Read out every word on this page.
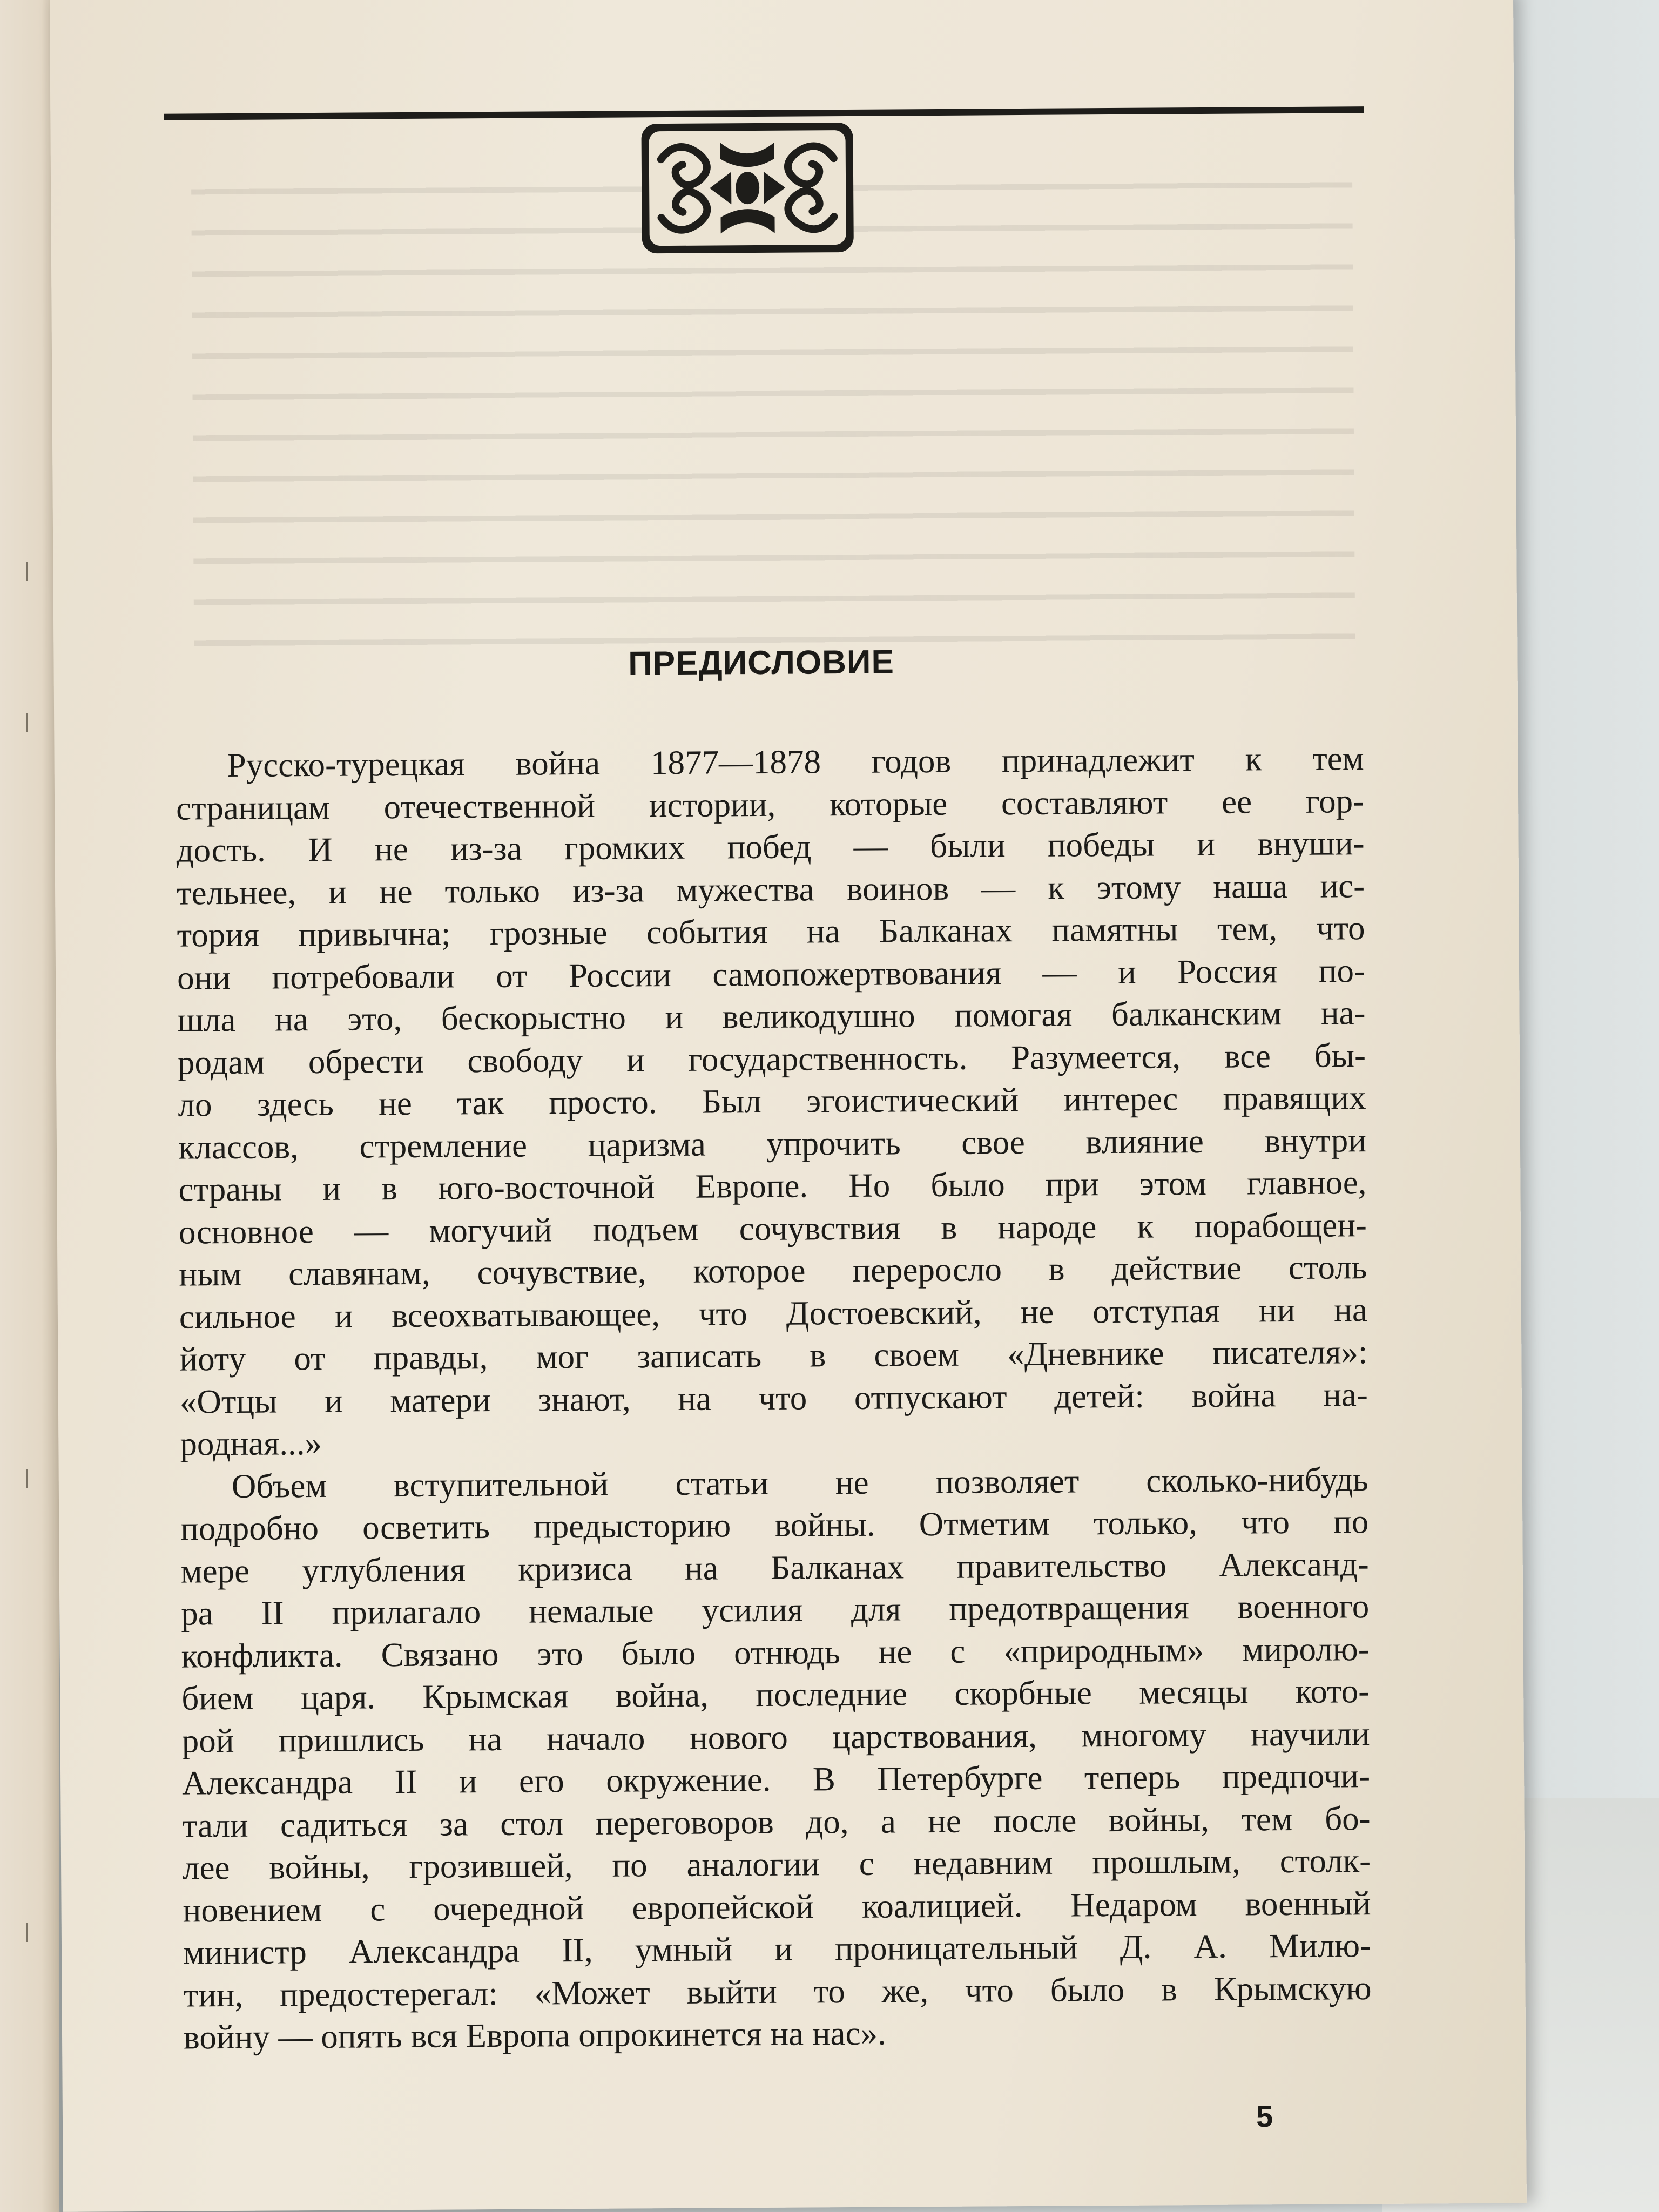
ПРЕДИСЛОВИЕ
Русско-турецкая война 1877—1878 годов принадлежит к тем
страницам отечественной истории, которые составляют ее гор-
дость. И не из-за громких побед — были победы и внуши-
тельнее, и не только из-за мужества воинов — к этому наша ис-
тория привычна; грозные события на Балканах памятны тем, что
они потребовали от России самопожертвования — и Россия по-
шла на это, бескорыстно и великодушно помогая балканским на-
родам обрести свободу и государственность. Разумеется, все бы-
ло здесь не так просто. Был эгоистический интерес правящих
классов, стремление царизма упрочить свое влияние внутри
страны и в юго-восточной Европе. Но было при этом главное,
основное — могучий подъем сочувствия в народе к порабощен-
ным славянам, сочувствие, которое переросло в действие столь
сильное и всеохватывающее, что Достоевский, не отступая ни на
йоту от правды, мог записать в своем «Дневнике писателя»:
«Отцы и матери знают, на что отпускают детей: война на-
родная...»
Объем вступительной статьи не позволяет сколько-нибудь
подробно осветить предысторию войны. Отметим только, что по
мере углубления кризиса на Балканах правительство Александ-
ра II прилагало немалые усилия для предотвращения военного
конфликта. Связано это было отнюдь не с «природным» миролю-
бием царя. Крымская война, последние скорбные месяцы кото-
рой пришлись на начало нового царствования, многому научили
Александра II и его окружение. В Петербурге теперь предпочи-
тали садиться за стол переговоров до, а не после войны, тем бо-
лее войны, грозившей, по аналогии с недавним прошлым, столк-
новением с очередной европейской коалицией. Недаром военный
министр Александра II, умный и проницательный Д. А. Милю-
тин, предостерегал: «Может выйти то же, что было в Крымскую
войну — опять вся Европа опрокинется на нас».
5
